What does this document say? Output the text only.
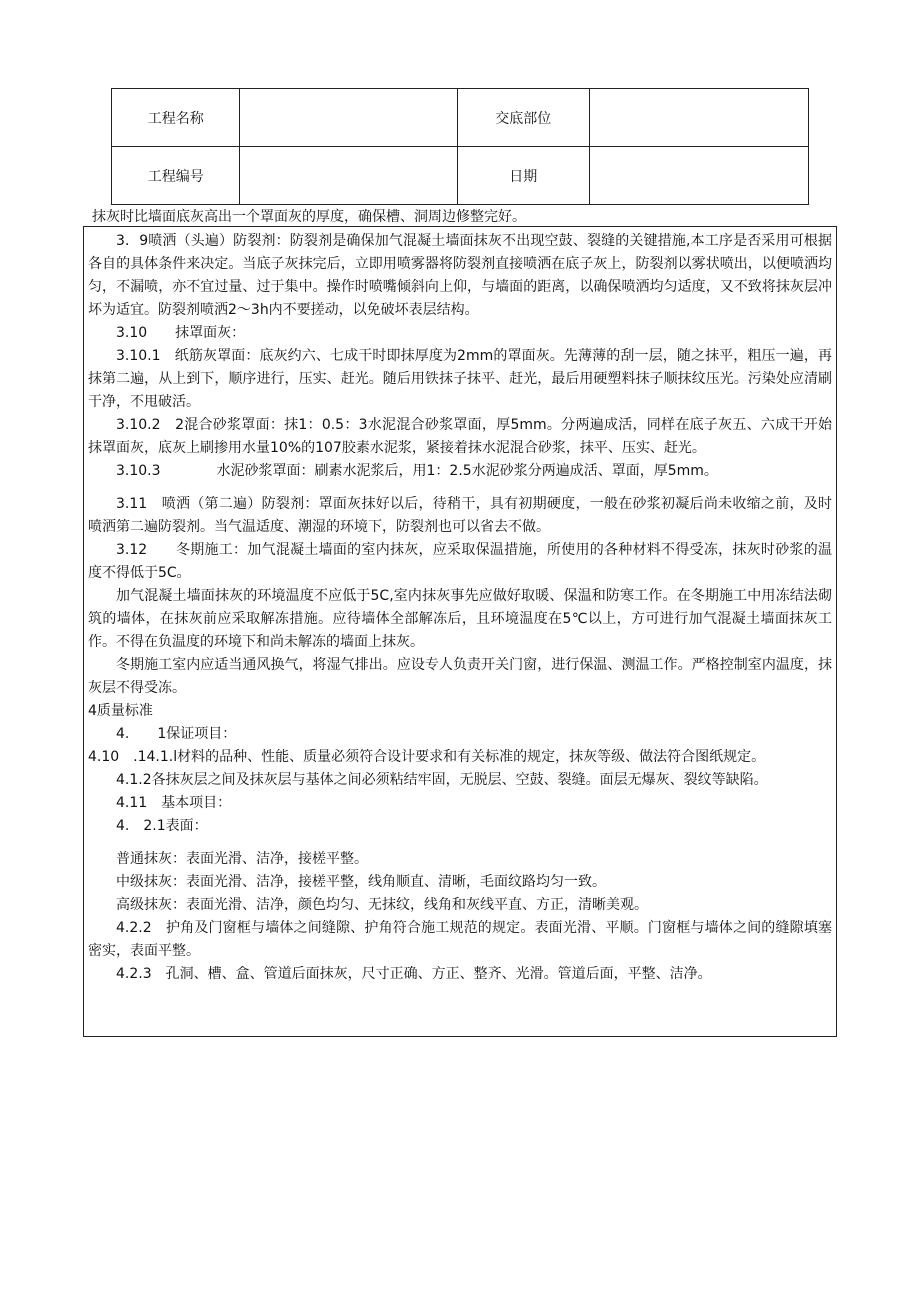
工程名称		交底部位	
工程编号		日期	
抹灰时比墙面底灰高出一个罩面灰的厚度，确保槽、洞周边修整完好。

3．9喷洒（头遍）防裂剂：防裂剂是确保加气混凝土墙面抹灰不出现空鼓、裂缝的关键措施,本工序是否采用可根据各自的具体条件来决定。当底子灰抹完后，立即用喷雾器将防裂剂直接喷洒在底子灰上，防裂剂以雾状喷出，以便喷洒均匀，不漏喷，亦不宜过量、过于集中。操作时喷嘴倾斜向上仰，与墙面的距离，以确保喷洒均匀适度，又不致将抹灰层冲坏为适宜。防裂剂喷洒2～3h内不要搓动，以免破坏表层结构。

3.10　　抹罩面灰：

3.10.1　纸筋灰罩面：底灰约六、七成干时即抹厚度为2mm的罩面灰。先薄薄的刮一层，随之抹平，粗压一遍，再抹第二遍，从上到下，顺序进行，压实、赶光。随后用铁抹子抹平、赶光，最后用硬塑料抹子顺抹纹压光。污染处应清刷干净，不甩破活。

3.10.2　2混合砂浆罩面：抹1：0.5：3水泥混合砂浆罩面，厚5mm。分两遍成活，同样在底子灰五、六成干开始抹罩面灰，底灰上刷掺用水量10%的107胶素水泥浆，紧接着抹水泥混合砂浆，抹平、压实、赶光。

3.10.3　　　　水泥砂浆罩面：刷素水泥浆后，用1：2.5水泥砂浆分两遍成活、罩面，厚5mm。

3.11　喷洒（第二遍）防裂剂：罩面灰抹好以后，待稍干，具有初期硬度，一般在砂浆初凝后尚未收缩之前，及时喷洒第二遍防裂剂。当气温适度、潮湿的环境下，防裂剂也可以省去不做。

3.12　　冬期施工：加气混凝土墙面的室内抹灰，应采取保温措施，所使用的各种材料不得受冻，抹灰时砂浆的温度不得低于5C。

加气混凝土墙面抹灰的环境温度不应低于5C,室内抹灰事先应做好取暖、保温和防寒工作。在冬期施工中用冻结法砌筑的墙体，在抹灰前应采取解冻措施。应待墙体全部解冻后，且环境温度在5℃以上，方可进行加气混凝土墙面抹灰工作。不得在负温度的环境下和尚未解冻的墙面上抹灰。

冬期施工室内应适当通风换气，将湿气排出。应设专人负责开关门窗，进行保温、测温工作。严格控制室内温度，抹灰层不得受冻。

4质量标准

4.　　1保证项目：

4.10　.14.1.l材料的品种、性能、质量必须符合设计要求和有关标准的规定，抹灰等级、做法符合图纸规定。

4.1.2各抹灰层之间及抹灰层与基体之间必须粘结牢固，无脱层、空鼓、裂缝。面层无爆灰、裂纹等缺陷。

4.11　基本项目：

4.　2.1表面：

普通抹灰：表面光滑、洁净，接槎平整。

中级抹灰：表面光滑、洁净，接槎平整，线角顺直、清晰，毛面纹路均匀一致。

高级抹灰：表面光滑、洁净，颜色均匀、无抹纹，线角和灰线平直、方正，清晰美观。

4.2.2　护角及门窗框与墙体之间缝隙、护角符合施工规范的规定。表面光滑、平顺。门窗框与墙体之间的缝隙填塞密实，表面平整。

4.2.3　孔洞、槽、盒、管道后面抹灰，尺寸正确、方正、整齐、光滑。管道后面，平整、洁净。
